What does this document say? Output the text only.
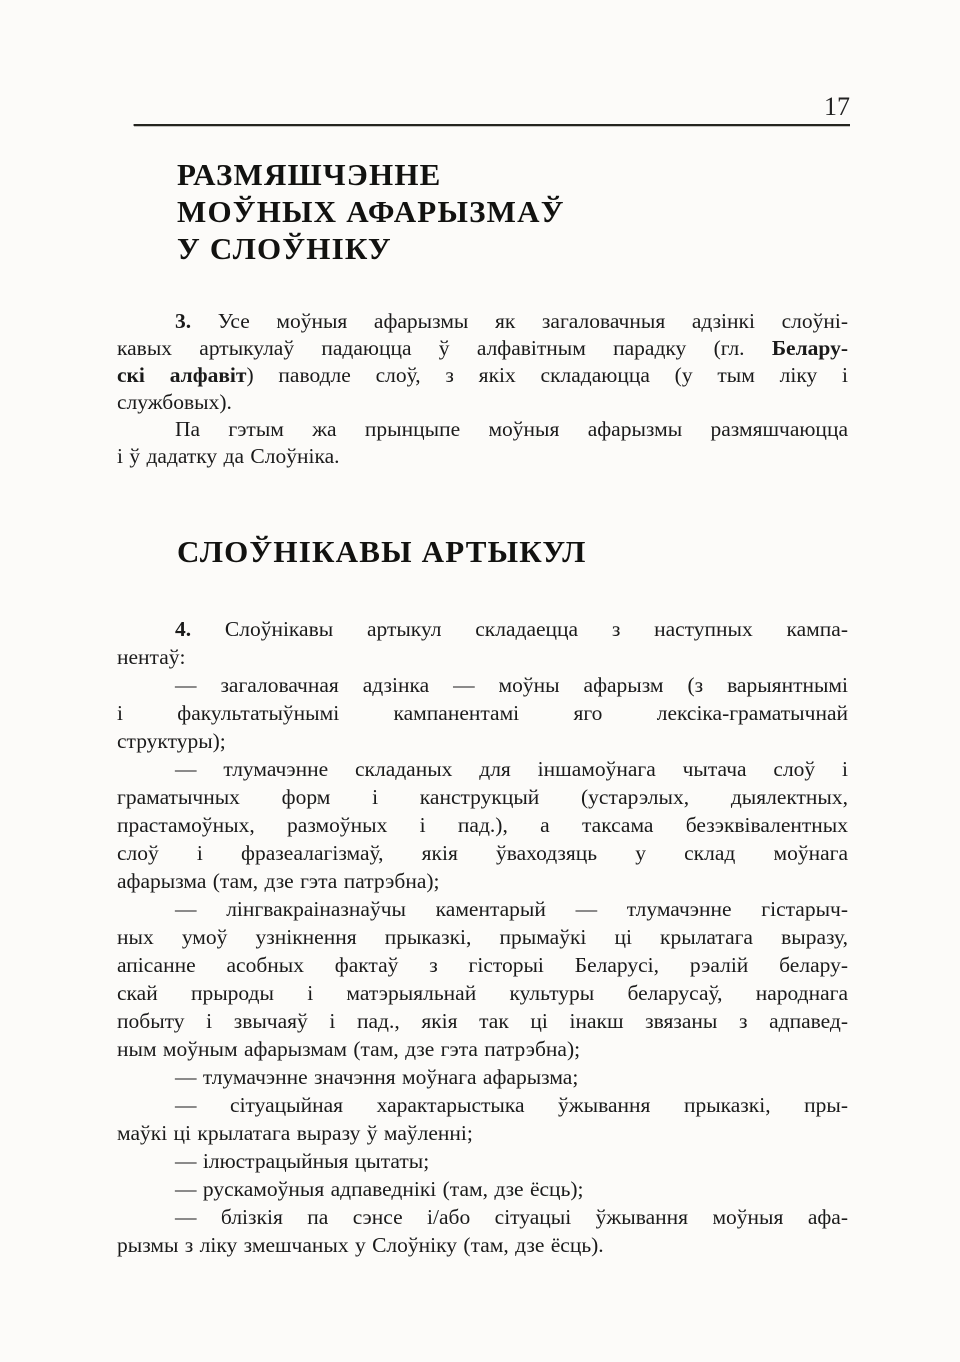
17
РАЗМЯШЧЭННЕ
МОЎНЫХ АФАРЫЗМАЎ
У СЛОЎНІКУ
3. Усе моўныя афарызмы як загаловачныя адзінкі слоўні-
кавых артыкулаў падаюцца ў алфавітным парадку (гл. Белару-
скі алфавіт) паводле слоў, з якіх складаюцца (у тым ліку і
службовых).
Па гэтым жа прынцыпе моўныя афарызмы размяшчаюцца
і ў дадатку да Слоўніка.
СЛОЎНІКАВЫ АРТЫКУЛ
4. Слоўнікавы артыкул складаецца з наступных кампа-
нентаў:
— загаловачная адзінка — моўны афарызм (з варыянтнымі
і факультатыўнымі кампанентамі яго лексіка-граматычнай
структуры);
— тлумачэнне складаных для іншамоўнага чытача слоў і
граматычных форм і канструкцый (устарэлых, дыялектных,
прастамоўных, размоўных і пад.), а таксама безэквівалентных
слоў і фразеалагізмаў, якія ўваходзяць у склад моўнага
афарызма (там, дзе гэта патрэбна);
— лінгвакраіназнаўчы каментарый — тлумачэнне гістарыч-
ных умоў узнікнення прыказкі, прымаўкі ці крылатага выразу,
апісанне асобных фактаў з гісторыі Беларусі, рэалій белару-
скай прыроды і матэрыяльнай культуры беларусаў, народнага
побыту і звычаяў і пад., якія так ці інакш звязаны з адпавед-
ным моўным афарызмам (там, дзе гэта патрэбна);
— тлумачэнне значэння моўнага афарызма;
— сітуацыйная характарыстыка ўжывання прыказкі, пры-
маўкі ці крылатага выразу ў маўленні;
— ілюстрацыйныя цытаты;
— рускамоўныя адпаведнікі (там, дзе ёсць);
— блізкія па сэнсе і/або сітуацыі ўжывання моўныя афа-
рызмы з ліку змешчаных у Слоўніку (там, дзе ёсць).
